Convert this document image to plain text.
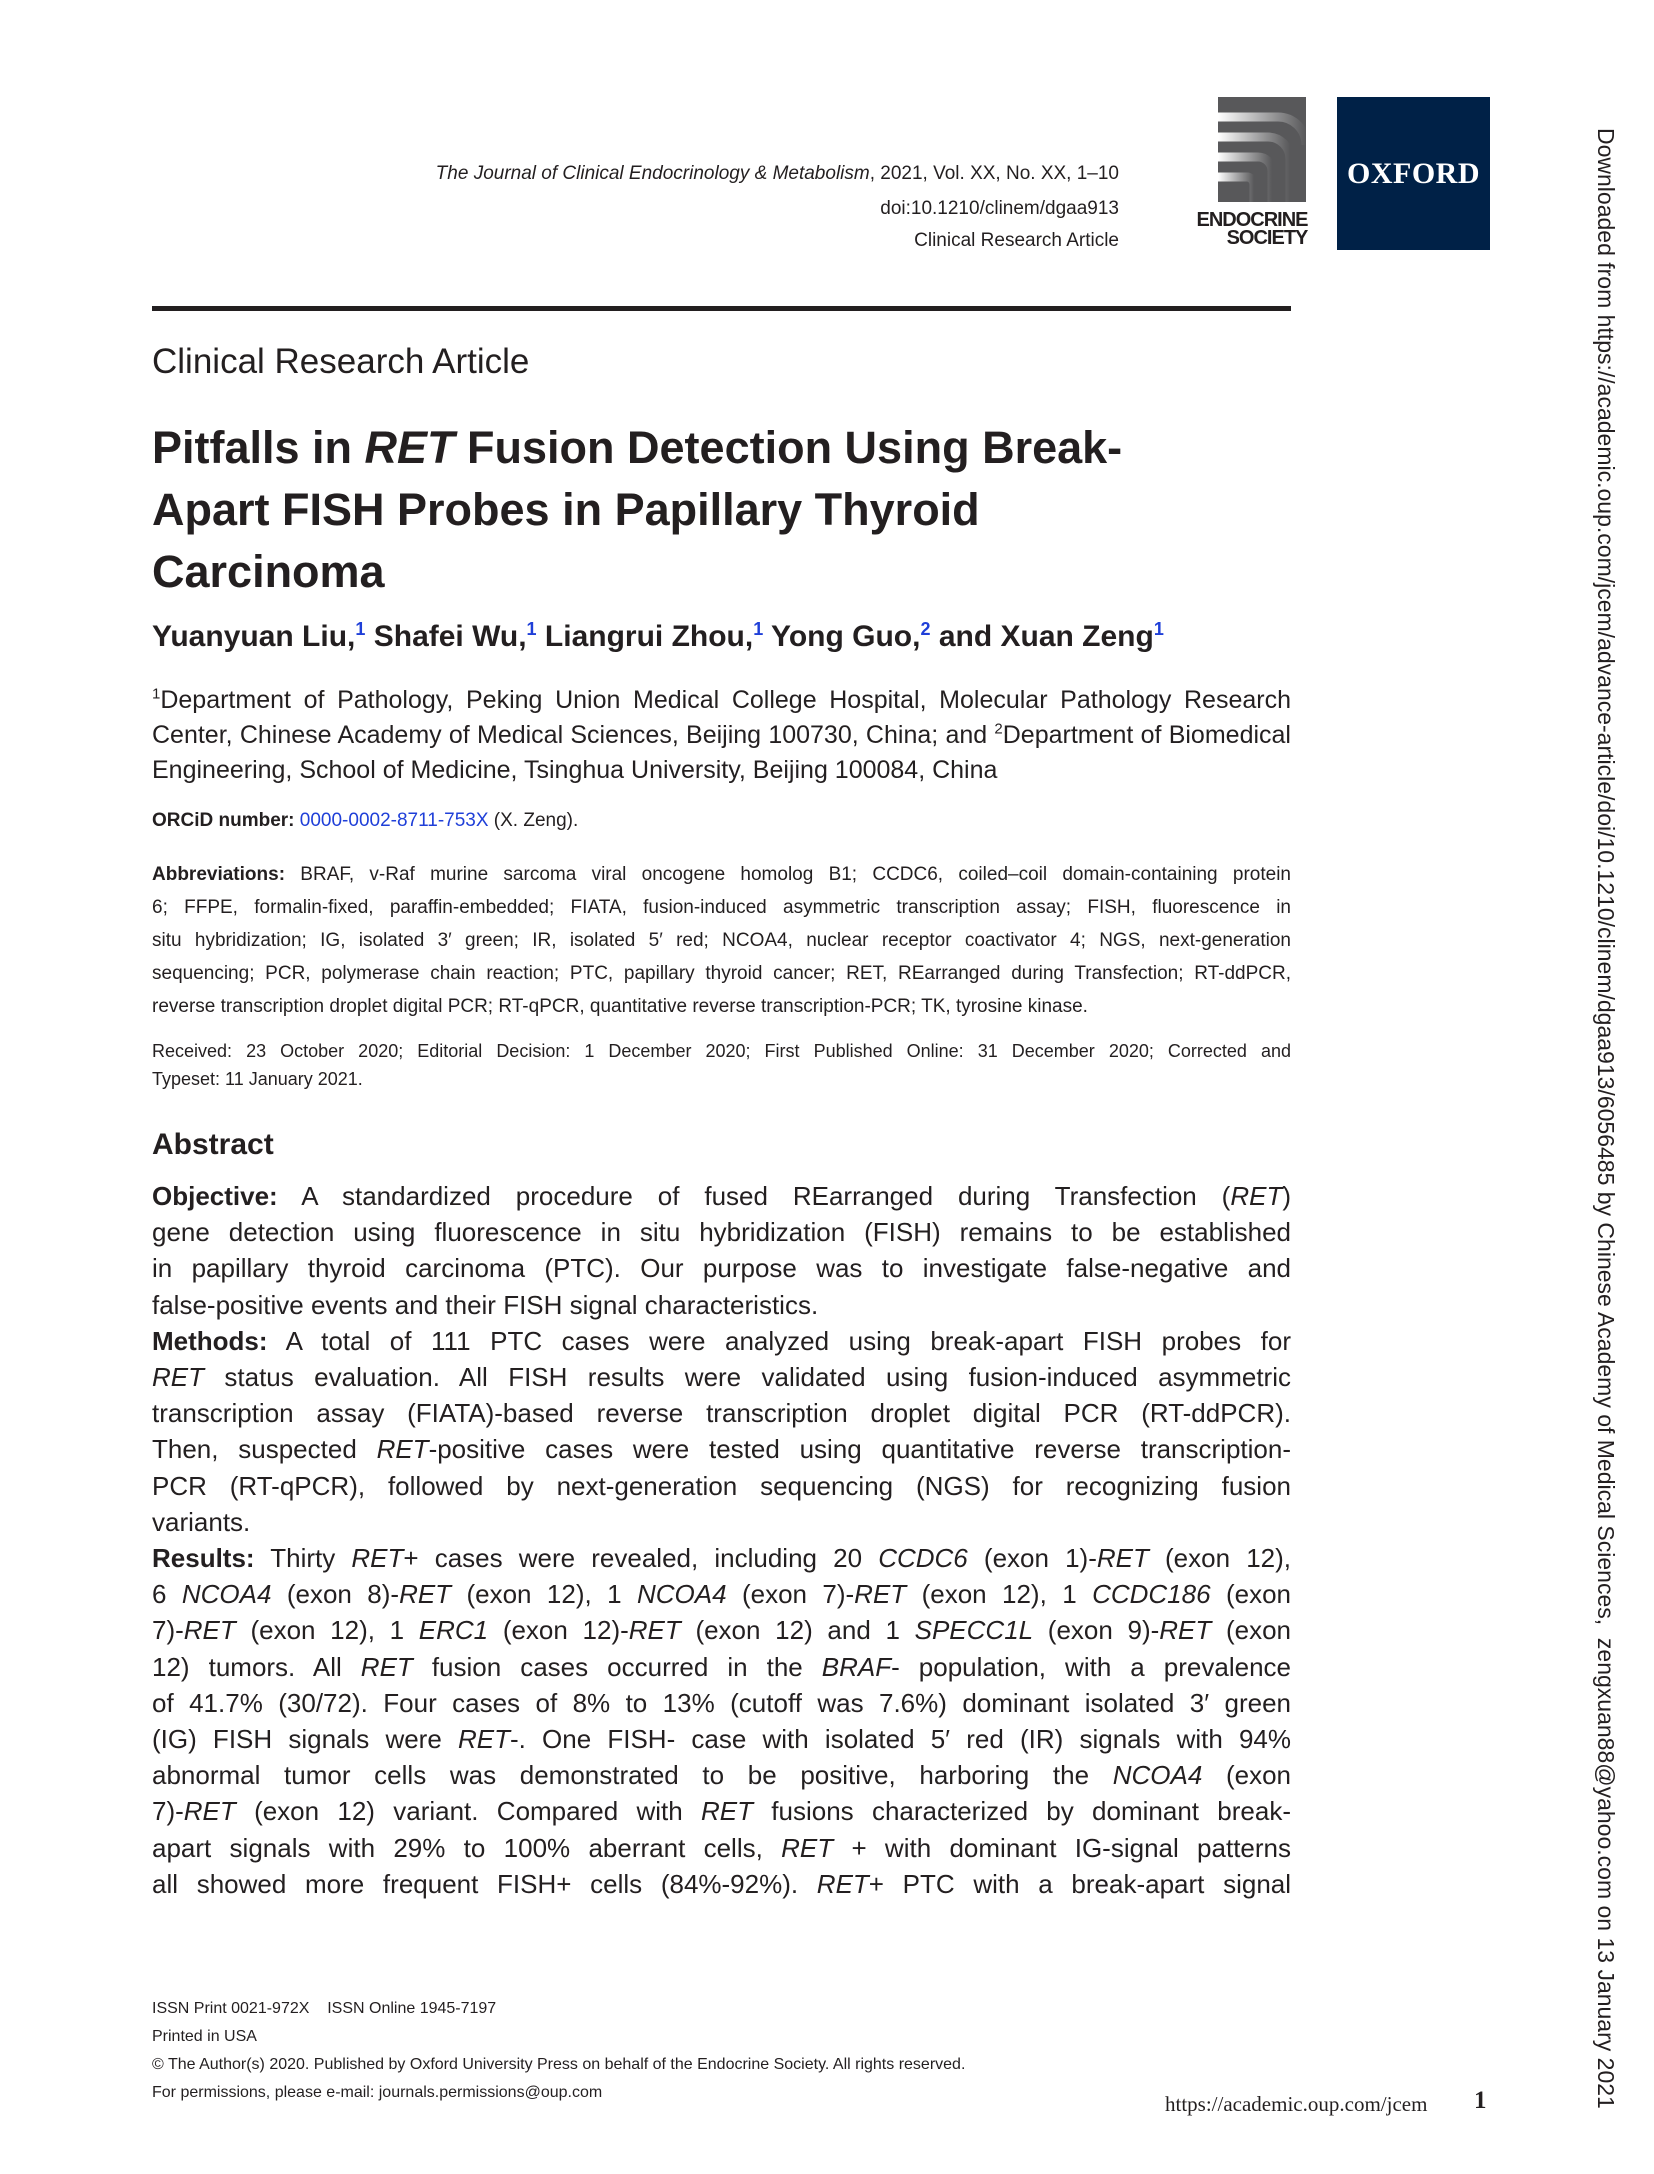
The Journal of Clinical Endocrinology & Metabolism, 2021, Vol. XX, No. XX, 1–10
doi:10.1210/clinem/dgaa913
Clinical Research Article
ENDOCRINE
SOCIETY
OXFORD
Clinical Research Article
Pitfalls in RET Fusion Detection Using Break-
Apart FISH Probes in Papillary Thyroid
Carcinoma
Yuanyuan Liu,$^1$ Shafei Wu,$^1$ Liangrui Zhou,$^1$ Yong Guo,$^2$ and Xuan Zeng$^1$
$^1$Department of Pathology, Peking Union Medical College Hospital, Molecular Pathology Research
Center, Chinese Academy of Medical Sciences, Beijing 100730, China; and $^2$Department of Biomedical
Engineering, School of Medicine, Tsinghua University, Beijing 100084, China
ORCiD number: 0000-0002-8711-753X (X. Zeng).
Abbreviations: BRAF, v-Raf murine sarcoma viral oncogene homolog B1; CCDC6, coiled–coil domain-containing protein
6; FFPE, formalin-fixed, paraffin-embedded; FIATA, fusion-induced asymmetric transcription assay; FISH, fluorescence in
situ hybridization; IG, isolated 3′ green; IR, isolated 5′ red; NCOA4, nuclear receptor coactivator 4; NGS, next-generation
sequencing; PCR, polymerase chain reaction; PTC, papillary thyroid cancer; RET, REarranged during Transfection; RT-ddPCR,
reverse transcription droplet digital PCR; RT-qPCR, quantitative reverse transcription-PCR; TK, tyrosine kinase.
Received: 23 October 2020; Editorial Decision: 1 December 2020; First Published Online: 31 December 2020; Corrected and
Typeset: 11 January 2021.
Abstract
Objective: A standardized procedure of fused REarranged during Transfection (RET)
gene detection using fluorescence in situ hybridization (FISH) remains to be established
in papillary thyroid carcinoma (PTC). Our purpose was to investigate false-negative and
false-positive events and their FISH signal characteristics.
Methods: A total of 111 PTC cases were analyzed using break-apart FISH probes for
RET status evaluation. All FISH results were validated using fusion-induced asymmetric
transcription assay (FIATA)-based reverse transcription droplet digital PCR (RT-ddPCR).
Then, suspected RET-positive cases were tested using quantitative reverse transcription-
PCR (RT-qPCR), followed by next-generation sequencing (NGS) for recognizing fusion
variants.
Results: Thirty RET+ cases were revealed, including 20 CCDC6 (exon 1)-RET (exon 12),
6 NCOA4 (exon 8)-RET (exon 12), 1 NCOA4 (exon 7)-RET (exon 12), 1 CCDC186 (exon
7)-RET (exon 12), 1 ERC1 (exon 12)-RET (exon 12) and 1 SPECC1L (exon 9)-RET (exon
12) tumors. All RET fusion cases occurred in the BRAF- population, with a prevalence
of 41.7% (30/72). Four cases of 8% to 13% (cutoff was 7.6%) dominant isolated 3′ green
(IG) FISH signals were RET-. One FISH- case with isolated 5′ red (IR) signals with 94%
abnormal tumor cells was demonstrated to be positive, harboring the NCOA4 (exon
7)-RET (exon 12) variant. Compared with RET fusions characterized by dominant break-
apart signals with 29% to 100% aberrant cells, RET + with dominant IG-signal patterns
all showed more frequent FISH+ cells (84%-92%). RET+ PTC with a break-apart signal
ISSN Print 0021-972X    ISSN Online 1945-7197
Printed in USA
© The Author(s) 2020. Published by Oxford University Press on behalf of the Endocrine Society. All rights reserved.
For permissions, please e-mail: journals.permissions@oup.com	https://academic.oup.com/jcem 1	Downloaded from https://academic.oup.com/jcem/advance-article/doi/10.1210/clinem/dgaa913/6056485 by Chinese Academy of Medical Sciences,  zengxuan88@yahoo.com on 13 January 2021
